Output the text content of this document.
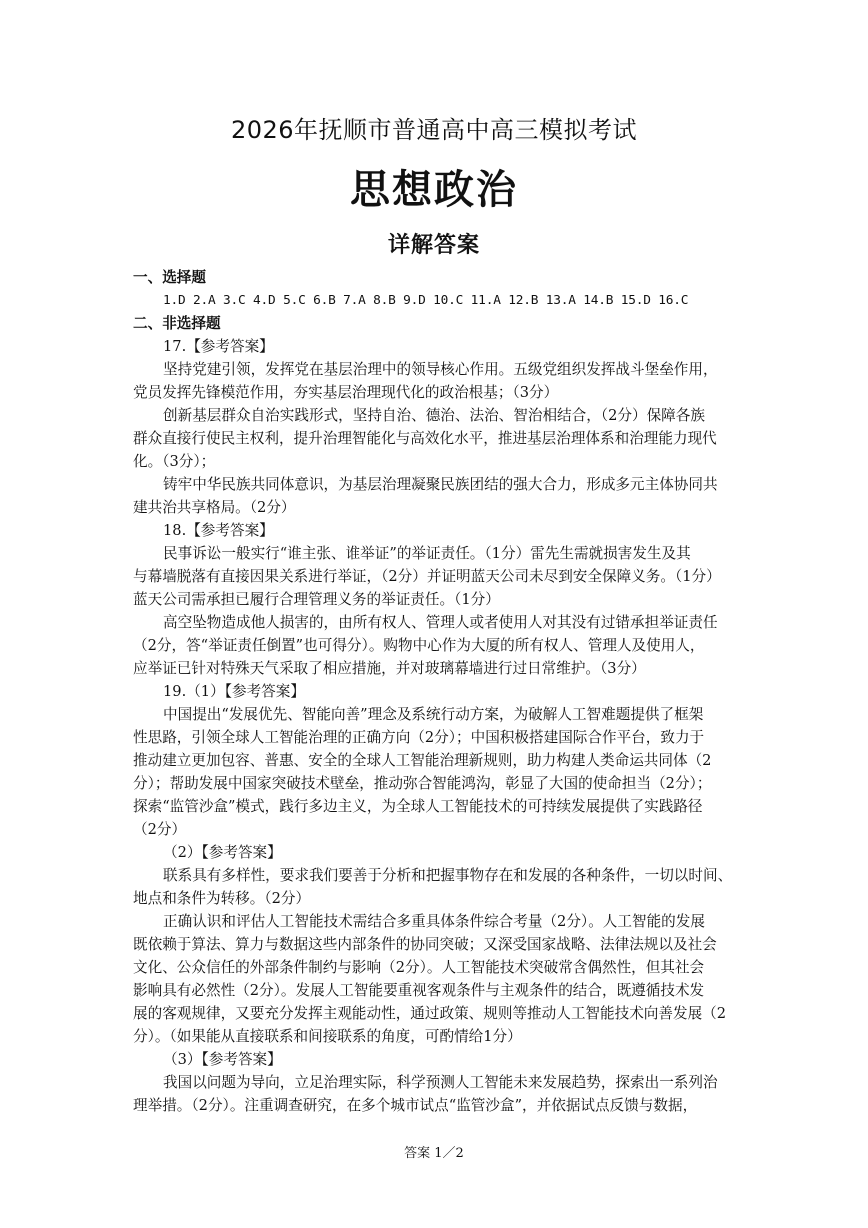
2026年抚顺市普通高中高三模拟考试
思想政治
详解答案
一、选择题
1.D 2.A 3.C 4.D 5.C 6.B 7.A 8.B 9.D 10.C 11.A 12.B 13.A 14.B 15.D 16.C
二、非选择题
17.【参考答案】
坚持党建引领，发挥党在基层治理中的领导核心作用。五级党组织发挥战斗堡垒作用，
党员发挥先锋模范作用，夯实基层治理现代化的政治根基；（3分）
创新基层群众自治实践形式，坚持自治、德治、法治、智治相结合，（2分）保障各族
群众直接行使民主权利，提升治理智能化与高效化水平，推进基层治理体系和治理能力现代
化。（3分）；
铸牢中华民族共同体意识，为基层治理凝聚民族团结的强大合力，形成多元主体协同共
建共治共享格局。（2分）
18.【参考答案】
民事诉讼一般实行“谁主张、谁举证”的举证责任。（1分）雷先生需就损害发生及其
与幕墙脱落有直接因果关系进行举证，（2分）并证明蓝天公司未尽到安全保障义务。（1分）
蓝天公司需承担已履行合理管理义务的举证责任。（1分）
高空坠物造成他人损害的，由所有权人、管理人或者使用人对其没有过错承担举证责任
（2分，答“举证责任倒置”也可得分）。购物中心作为大厦的所有权人、管理人及使用人，
应举证已针对特殊天气采取了相应措施，并对玻璃幕墙进行过日常维护。（3分）
19.（1）【参考答案】
中国提出“发展优先、智能向善”理念及系统行动方案，为破解人工智难题提供了框架
性思路，引领全球人工智能治理的正确方向（2分）；中国积极搭建国际合作平台，致力于
推动建立更加包容、普惠、安全的全球人工智能治理新规则，助力构建人类命运共同体（2
分）；帮助发展中国家突破技术壁垒，推动弥合智能鸿沟，彰显了大国的使命担当（2分）；
探索“监管沙盒”模式，践行多边主义，为全球人工智能技术的可持续发展提供了实践路径
（2分）
（2）【参考答案】
联系具有多样性，要求我们要善于分析和把握事物存在和发展的各种条件，一切以时间、
地点和条件为转移。（2分）
正确认识和评估人工智能技术需结合多重具体条件综合考量（2分）。人工智能的发展
既依赖于算法、算力与数据这些内部条件的协同突破；又深受国家战略、法律法规以及社会
文化、公众信任的外部条件制约与影响（2分）。人工智能技术突破常含偶然性，但其社会
影响具有必然性（2分）。发展人工智能要重视客观条件与主观条件的结合，既遵循技术发
展的客观规律，又要充分发挥主观能动性，通过政策、规则等推动人工智能技术向善发展（2
分）。（如果能从直接联系和间接联系的角度，可酌情给1分）
（3）【参考答案】
我国以问题为导向，立足治理实际，科学预测人工智能未来发展趋势，探索出一系列治
理举措。（2分）。注重调查研究，在多个城市试点“监管沙盒”，并依据试点反馈与数据，
答案 1／2
